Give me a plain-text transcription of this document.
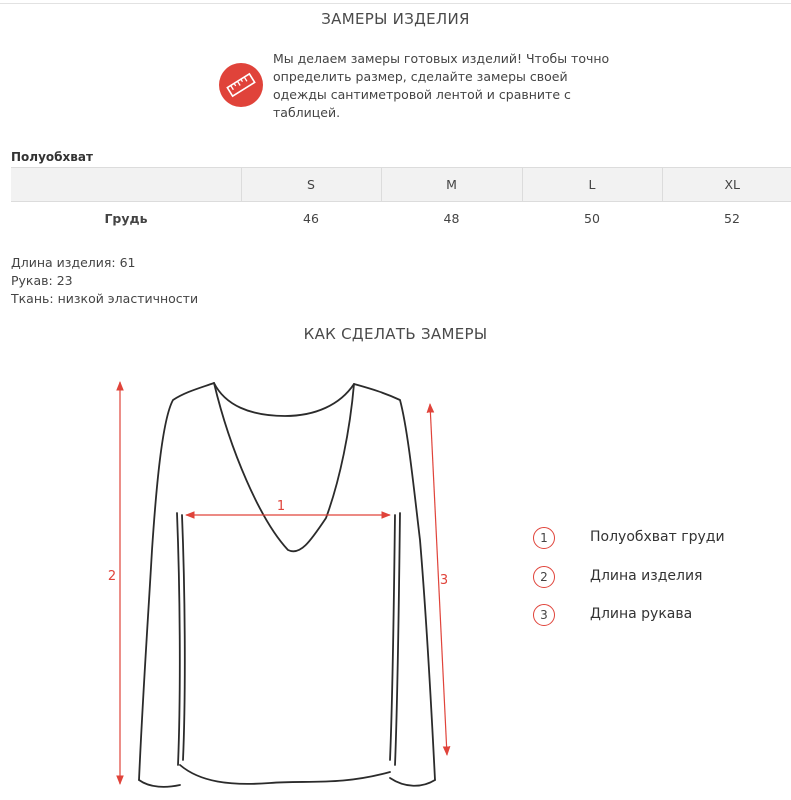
ЗАМЕРЫ ИЗДЕЛИЯ
Мы делаем замеры готовых изделий! Чтобы точно определить размер, сделайте замеры своей одежды сантиметровой лентой и сравните с таблицей.
Полуобхват
	S	M	L	XL
Грудь	46	48	50	52
Длина изделия: 61
Рукав: 23
Ткань: низкой эластичности
КАК СДЕЛАТЬ ЗАМЕРЫ
1
2	3
1	Полуобхват груди
2	Длина изделия
3	Длина рукава
